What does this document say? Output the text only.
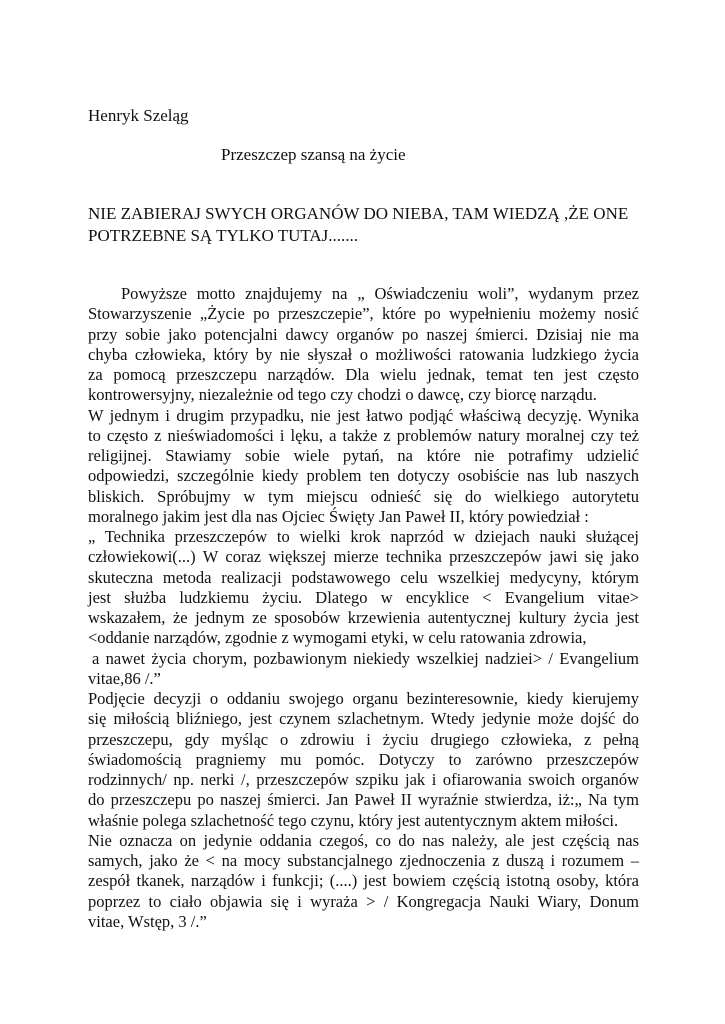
Henryk Szeląg
Przeszczep szansą na życie
NIE ZABIERAJ SWYCH ORGANÓW DO NIEBA, TAM WIEDZĄ ,ŻE ONE
POTRZEBNE SĄ TYLKO TUTAJ.......
Powyższe motto znajdujemy na „ Oświadczeniu woli”, wydanym przez
Stowarzyszenie „Życie po przeszczepie”, które po wypełnieniu możemy nosić
przy sobie jako potencjalni dawcy organów po naszej śmierci. Dzisiaj nie ma
chyba człowieka, który by nie słyszał o możliwości ratowania ludzkiego życia
za pomocą przeszczepu narządów. Dla wielu jednak, temat ten jest często
kontrowersyjny, niezależnie od tego czy chodzi o dawcę, czy biorcę narządu.
W jednym i drugim przypadku, nie jest łatwo podjąć właściwą decyzję. Wynika
to często z nieświadomości i lęku, a także z problemów natury moralnej czy też
religijnej. Stawiamy sobie wiele pytań, na które nie potrafimy udzielić
odpowiedzi, szczególnie kiedy problem ten dotyczy osobiście nas lub naszych
bliskich. Spróbujmy w tym miejscu odnieść się do wielkiego autorytetu
moralnego jakim jest dla nas Ojciec Święty Jan Paweł II, który powiedział :
„ Technika przeszczepów to wielki krok naprzód w dziejach nauki służącej
człowiekowi(...) W coraz większej mierze technika przeszczepów jawi się jako
skuteczna metoda realizacji podstawowego celu wszelkiej medycyny, którym
jest służba ludzkiemu życiu. Dlatego w encyklice < Evangelium vitae>
wskazałem, że jednym ze sposobów krzewienia autentycznej kultury życia jest
<oddanie narządów, zgodnie z wymogami etyki, w celu ratowania zdrowia,
a nawet życia chorym, pozbawionym niekiedy wszelkiej nadziei> / Evangelium
vitae,86 /.”
Podjęcie decyzji o oddaniu swojego organu bezinteresownie, kiedy kierujemy
się miłością bliźniego, jest czynem szlachetnym. Wtedy jedynie może dojść do
przeszczepu, gdy myśląc o zdrowiu i życiu drugiego człowieka, z pełną
świadomością pragniemy mu pomóc. Dotyczy to zarówno przeszczepów
rodzinnych/ np. nerki /, przeszczepów szpiku jak i ofiarowania swoich organów
do przeszczepu po naszej śmierci. Jan Paweł II wyraźnie stwierdza, iż:„ Na tym
właśnie polega szlachetność tego czynu, który jest autentycznym aktem miłości.
Nie oznacza on jedynie oddania czegoś, co do nas należy, ale jest częścią nas
samych, jako że < na mocy substancjalnego zjednoczenia z duszą i rozumem –
zespół tkanek, narządów i funkcji; (....) jest bowiem częścią istotną osoby, która
poprzez to ciało objawia się i wyraża > / Kongregacja Nauki Wiary, Donum
vitae, Wstęp, 3 /.”
